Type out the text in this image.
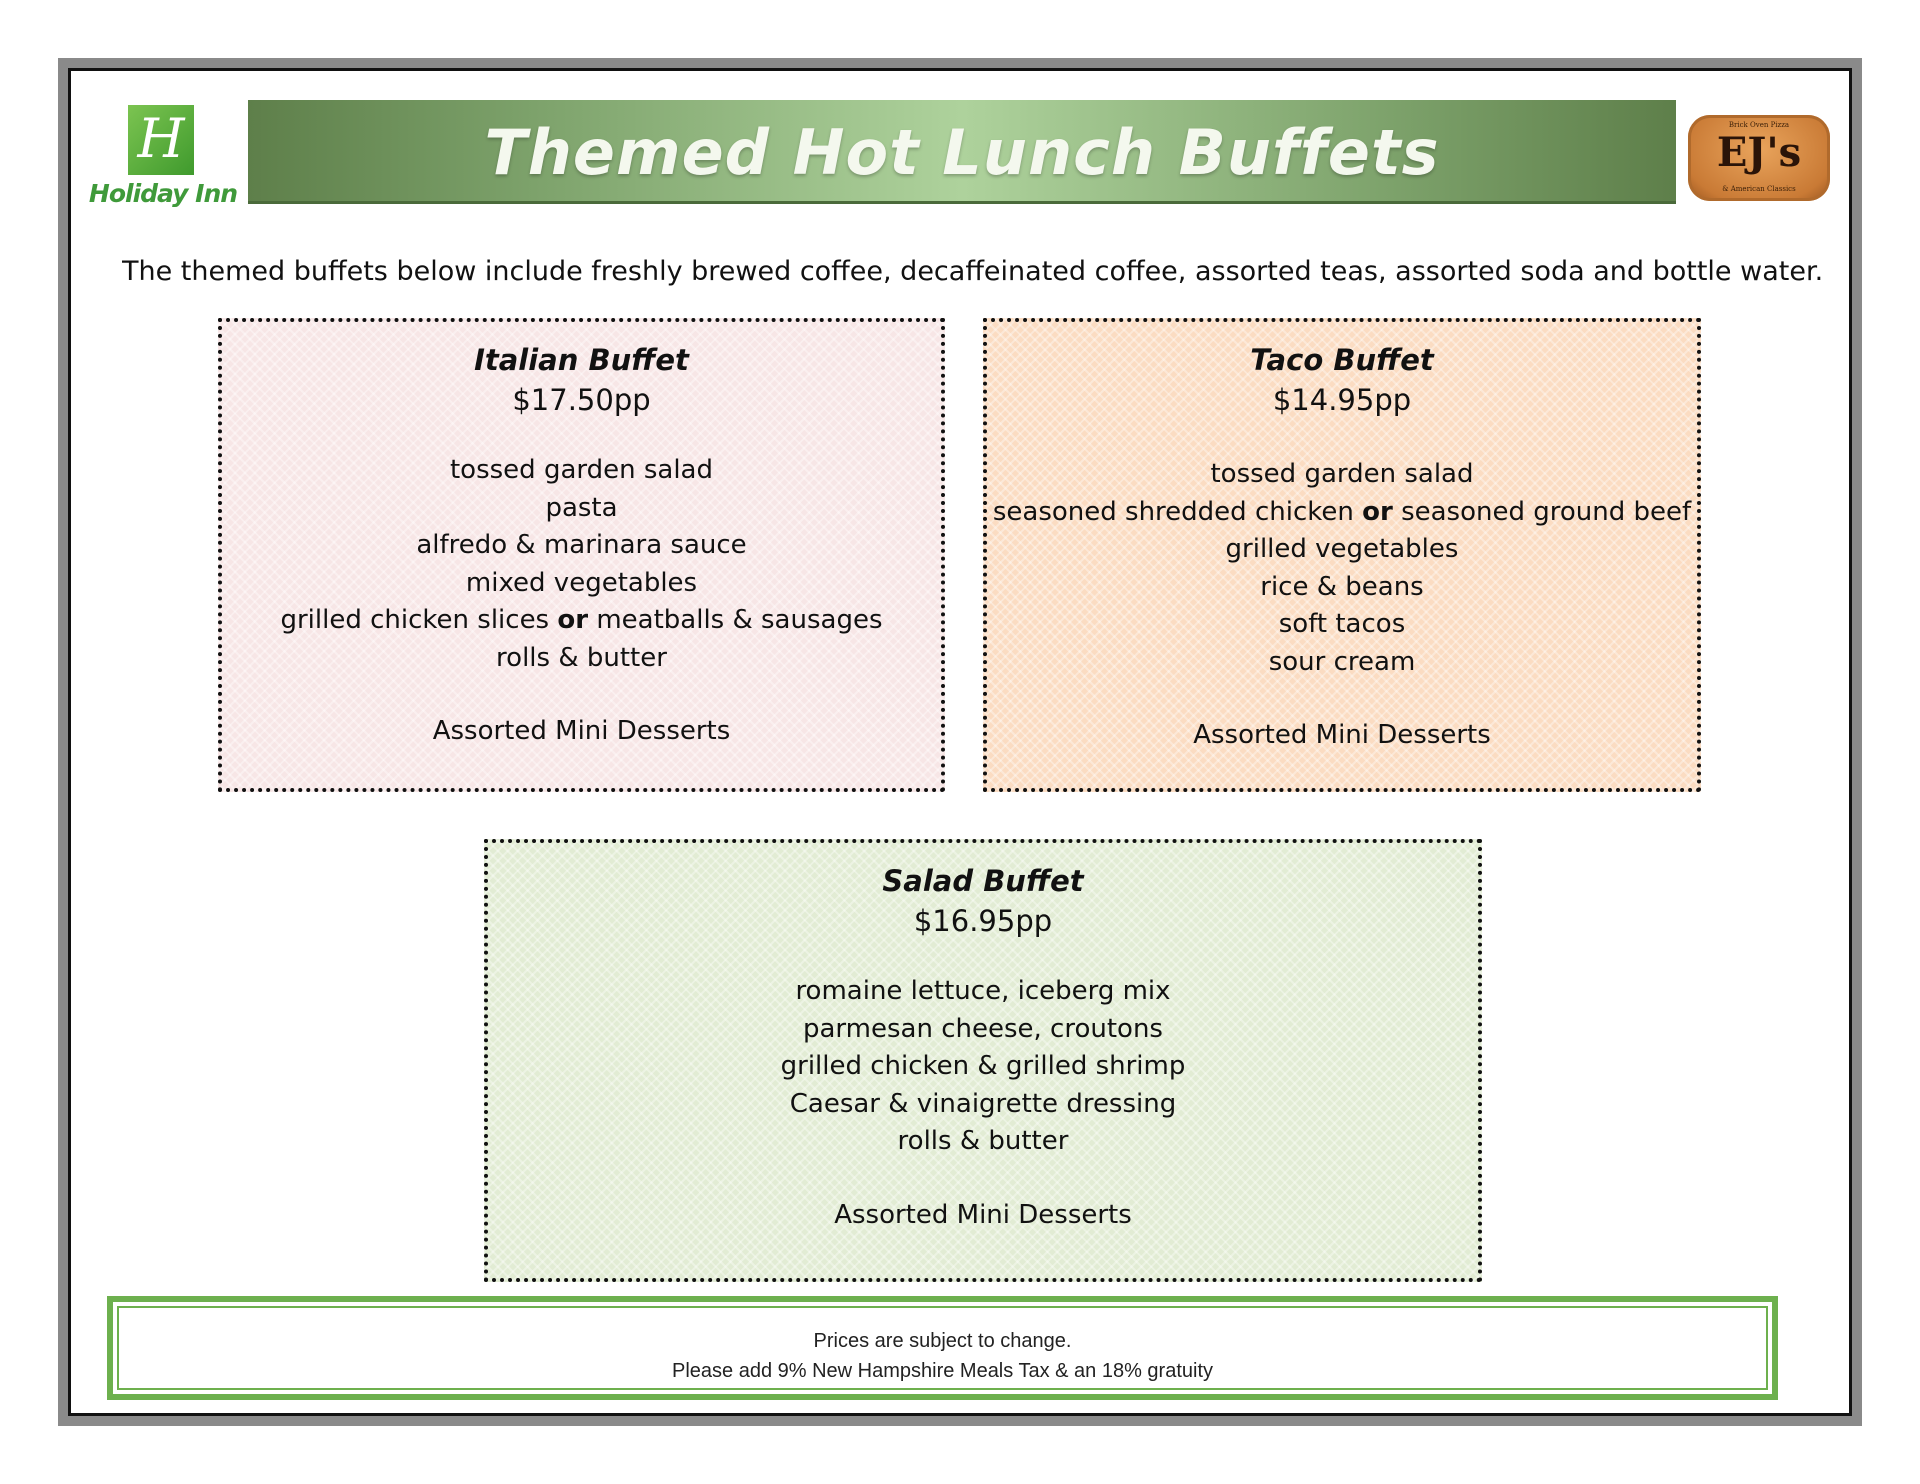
H
Holiday Inn
Themed Hot Lunch Buffets	Brick Oven Pizza
EJ's
& American Classics
The themed buffets below include freshly brewed coffee, decaffeinated coffee, assorted teas, assorted soda and bottle water.
Italian Buffet
$17.50pp
tossed garden salad
pasta
alfredo & marinara sauce
mixed vegetables
grilled chicken slices or meatballs & sausages
rolls & butter
Assorted Mini Desserts
Taco Buffet
$14.95pp
tossed garden salad
seasoned shredded chicken or seasoned ground beef
grilled vegetables
rice & beans
soft tacos
sour cream
Assorted Mini Desserts
Salad Buffet
$16.95pp
romaine lettuce, iceberg mix
parmesan cheese, croutons
grilled chicken & grilled shrimp
Caesar & vinaigrette dressing
rolls & butter
Assorted Mini Desserts
Prices are subject to change.
Please add 9% New Hampshire Meals Tax & an 18% gratuity
